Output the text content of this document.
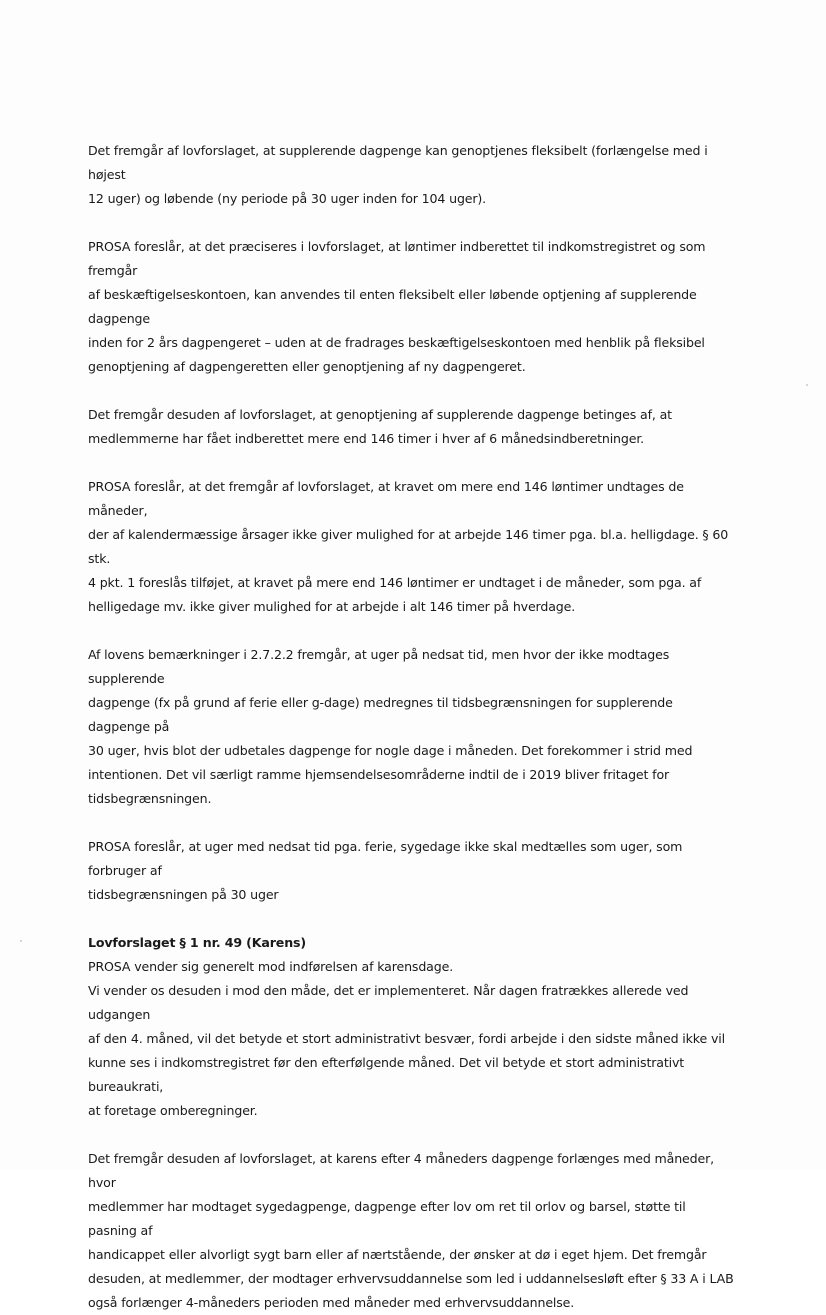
Det fremgår af lovforslaget, at supplerende dagpenge kan genoptjenes fleksibelt (forlængelse med i højest
12 uger) og løbende (ny periode på 30 uger inden for 104 uger).

PROSA foreslår, at det præciseres i lovforslaget, at løntimer indberettet til indkomstregistret og som fremgår
af beskæftigelseskontoen, kan anvendes til enten fleksibelt eller løbende optjening af supplerende dagpenge
inden for 2 års dagpengeret – uden at de fradrages beskæftigelseskontoen med henblik på fleksibel
genoptjening af dagpengeretten eller genoptjening af ny dagpengeret.

Det fremgår desuden af lovforslaget, at genoptjening af supplerende dagpenge betinges af, at
medlemmerne har fået indberettet mere end 146 timer i hver af 6 månedsindberetninger.

PROSA foreslår, at det fremgår af lovforslaget, at kravet om mere end 146 løntimer undtages de måneder,
der af kalendermæssige årsager ikke giver mulighed for at arbejde 146 timer pga. bl.a. helligdage. § 60 stk.
4 pkt. 1 foreslås tilføjet, at kravet på mere end 146 løntimer er undtaget i de måneder, som pga. af
helligedage mv. ikke giver mulighed for at arbejde i alt 146 timer på hverdage.

Af lovens bemærkninger i 2.7.2.2 fremgår, at uger på nedsat tid, men hvor der ikke modtages supplerende
dagpenge (fx på grund af ferie eller g-dage) medregnes til tidsbegrænsningen for supplerende dagpenge på
30 uger, hvis blot der udbetales dagpenge for nogle dage i måneden. Det forekommer i strid med
intentionen. Det vil særligt ramme hjemsendelsesområderne indtil de i 2019 bliver fritaget for
tidsbegrænsningen.

PROSA foreslår, at uger med nedsat tid pga. ferie, sygedage ikke skal medtælles som uger, som forbruger af
tidsbegrænsningen på 30 uger

Lovforslaget § 1 nr. 49 (Karens)

PROSA vender sig generelt mod indførelsen af karensdage.
Vi vender os desuden i mod den måde, det er implementeret. Når dagen fratrækkes allerede ved udgangen
af den 4. måned, vil det betyde et stort administrativt besvær, fordi arbejde i den sidste måned ikke vil
kunne ses i indkomstregistret før den efterfølgende måned. Det vil betyde et stort administrativt bureaukrati,
at foretage omberegninger.

Det fremgår desuden af lovforslaget, at karens efter 4 måneders dagpenge forlænges med måneder, hvor
medlemmer har modtaget sygedagpenge, dagpenge efter lov om ret til orlov og barsel, støtte til pasning af
handicappet eller alvorligt sygt barn eller af nærtstående, der ønsker at dø i eget hjem. Det fremgår
desuden, at medlemmer, der modtager erhvervsuddannelse som led i uddannelsesløft efter § 33 A i LAB
også forlænger 4-måneders perioden med måneder med erhvervsuddannelse.
